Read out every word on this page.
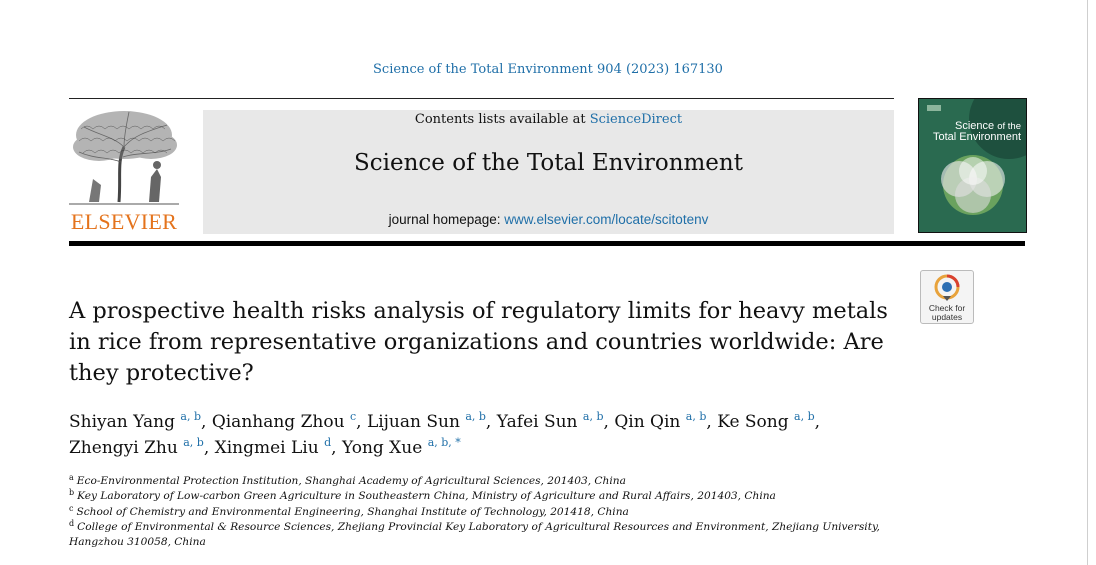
Science of the Total Environment 904 (2023) 167130
ELSEVIER
Contents lists available at ScienceDirect
Science of the Total Environment
journal homepage: www.elsevier.com/locate/scitotenv
Science of the
Total Environment
Check for
updates
A prospective health risks analysis of regulatory limits for heavy metals in rice from representative organizations and countries worldwide: Are they protective?
Shiyan Yang $^{a, b}$, Qianhang Zhou $^c$, Lijuan Sun $^{a, b}$, Yafei Sun $^{a, b}$, Qin Qin $^{a, b}$, Ke Song $^{a, b}$,
Zhengyi Zhu $^{a, b}$, Xingmei Liu $^d$, Yong Xue $^{a, b, *}$
$^a$ Eco-Environmental Protection Institution, Shanghai Academy of Agricultural Sciences, 201403, China
$^b$ Key Laboratory of Low-carbon Green Agriculture in Southeastern China, Ministry of Agriculture and Rural Affairs, 201403, China
$^c$ School of Chemistry and Environmental Engineering, Shanghai Institute of Technology, 201418, China
$^d$ College of Environmental & Resource Sciences, Zhejiang Provincial Key Laboratory of Agricultural Resources and Environment, Zhejiang University, Hangzhou 310058, China
